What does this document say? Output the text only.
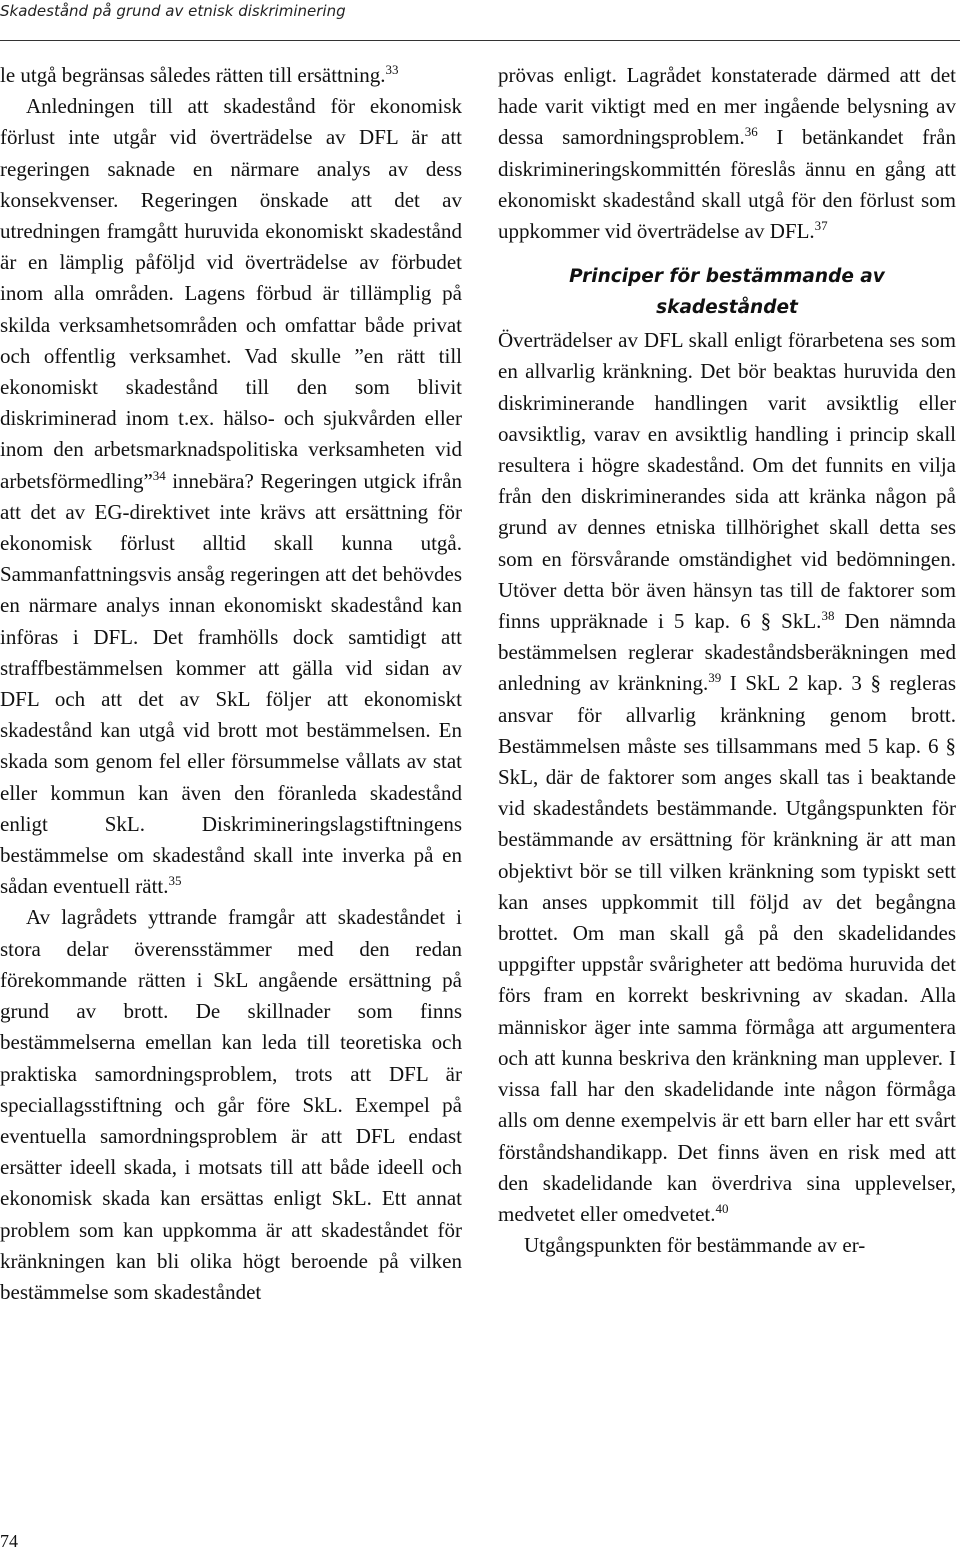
Skadestånd på grund av etnisk diskriminering

le utgå begränsas således rätten till ersättning.$^{33}$

Anledningen till att skadestånd för ekonomisk förlust inte utgår vid överträdelse av DFL är att regeringen saknade en närmare analys av dess konsekvenser. Regeringen önskade att det av utredningen framgått huruvida ekonomiskt skadestånd är en lämplig påföljd vid överträdelse av förbudet inom alla områden. Lagens förbud är tillämplig på skilda verksamhetsområden och omfattar både privat och offentlig verksamhet. Vad skulle ”en rätt till ekonomiskt skadestånd till den som blivit diskriminerad inom t.ex. hälso- och sjukvården eller inom den arbetsmarknadspolitiska verksamheten vid arbetsförmedling”$^{34}$ innebära? Regeringen utgick ifrån att det av EG-direktivet inte krävs att ersättning för ekonomisk förlust alltid skall kunna utgå. Sammanfattningsvis ansåg regeringen att det behövdes en närmare analys innan ekonomiskt skadestånd kan införas i DFL. Det framhölls dock samtidigt att straffbestämmelsen kommer att gälla vid sidan av DFL och att det av SkL följer att ekonomiskt skadestånd kan utgå vid brott mot bestämmelsen. En skada som genom fel eller försummelse vållats av stat eller kommun kan även den föranleda skadestånd enligt SkL. Diskrimineringslagstiftningens bestämmelse om skadestånd skall inte inverka på en sådan eventuell rätt.$^{35}$

Av lagrådets yttrande framgår att skadeståndet i stora delar överensstämmer med den redan förekommande rätten i SkL angående ersättning på grund av brott. De skillnader som finns bestämmelserna emellan kan leda till teoretiska och praktiska samordningsproblem, trots att DFL är speciallagsstiftning och går före SkL. Exempel på eventuella samordningsproblem är att DFL endast ersätter ideell skada, i motsats till att både ideell och ekonomisk skada kan ersättas enligt SkL. Ett annat problem som kan uppkomma är att skadeståndet för kränkningen kan bli olika högt beroende på vilken bestämmelse som skadeståndet

prövas enligt. Lagrådet konstaterade därmed att det hade varit viktigt med en mer ingående belysning av dessa samordningsproblem.$^{36}$ I betänkandet från diskrimineringskommittén föreslås ännu en gång att ekonomiskt skadestånd skall utgå för den förlust som uppkommer vid överträdelse av DFL.$^{37}$

Principer för bestämmande av skadeståndet

Överträdelser av DFL skall enligt förarbetena ses som en allvarlig kränkning. Det bör beaktas huruvida den diskriminerande handlingen varit avsiktlig eller oavsiktlig, varav en avsiktlig handling i princip skall resultera i högre skadestånd. Om det funnits en vilja från den diskriminerandes sida att kränka någon på grund av dennes etniska tillhörighet skall detta ses som en försvårande omständighet vid bedömningen. Utöver detta bör även hänsyn tas till de faktorer som finns uppräknade i 5 kap. 6 § SkL.$^{38}$ Den nämnda bestämmelsen reglerar skadeståndsberäkningen med anledning av kränkning.$^{39}$ I SkL 2 kap. 3 § regleras ansvar för allvarlig kränkning genom brott. Bestämmelsen måste ses tillsammans med 5 kap. 6 § SkL, där de faktorer som anges skall tas i beaktande vid skadeståndets bestämmande. Utgångspunkten för bestämmande av ersättning för kränkning är att man objektivt bör se till vilken kränkning som typiskt sett kan anses uppkommit till följd av det begångna brottet. Om man skall gå på den skadelidandes uppgifter uppstår svårigheter att bedöma huruvida det förs fram en korrekt beskrivning av skadan. Alla människor äger inte samma förmåga att argumentera och att kunna beskriva den kränkning man upplever. I vissa fall har den skadelidande inte någon förmåga alls om denne exempelvis är ett barn eller har ett svårt förståndshandikapp. Det finns även en risk med att den skadelidande kan överdriva sina upplevelser, medvetet eller omedvetet.$^{40}$

Utgångspunkten för bestämmande av er-

74
